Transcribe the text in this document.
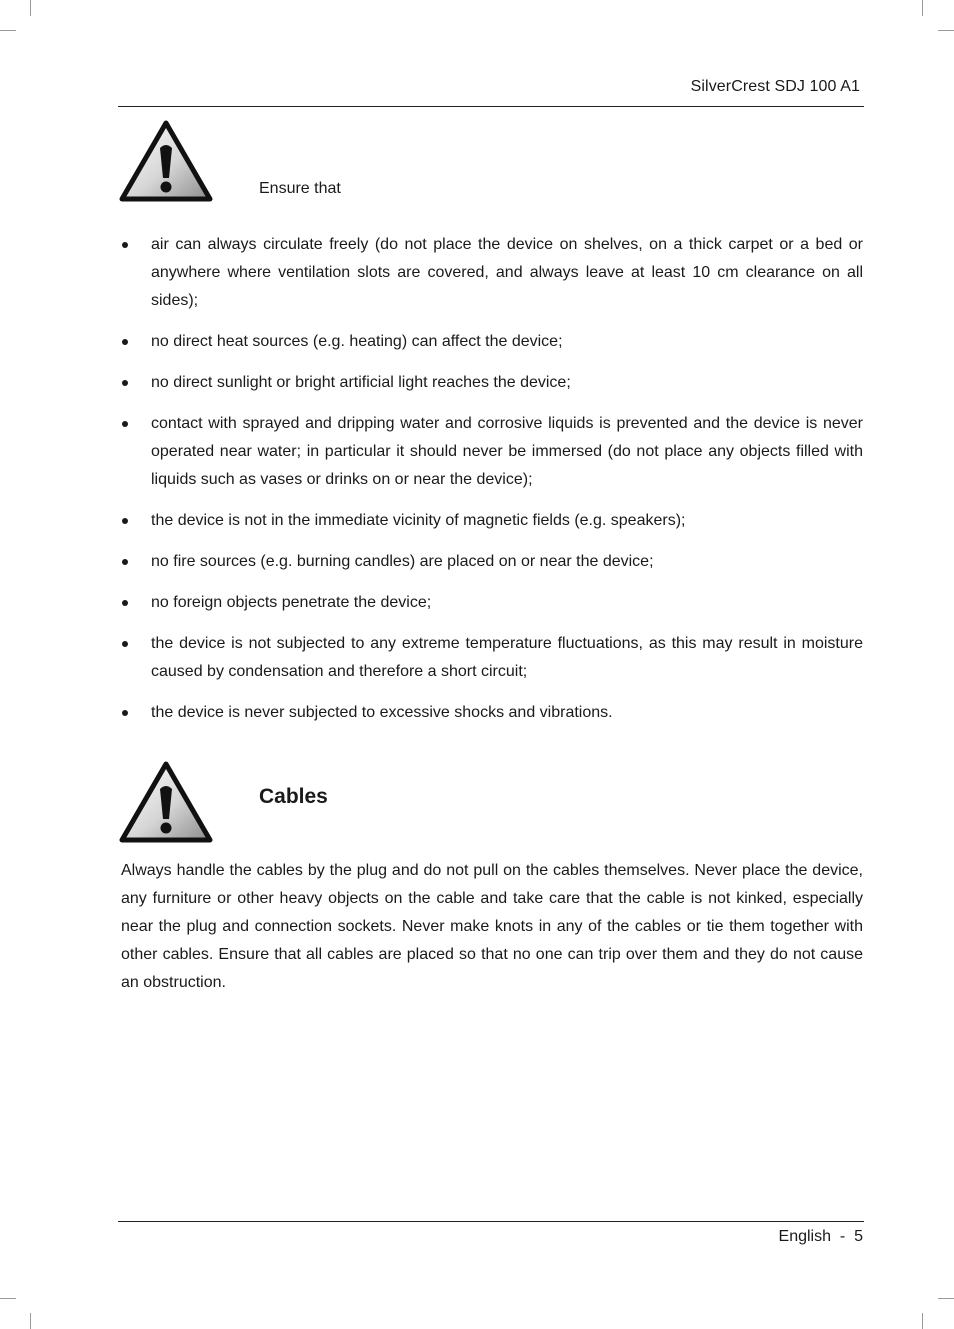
SilverCrest SDJ 100 A1
Ensure that
air can always circulate freely (do not place the device on shelves, on a thick carpet or a bed or anywhere where ventilation slots are covered, and always leave at least 10 cm clearance on all sides);
no direct heat sources (e.g. heating) can affect the device;
no direct sunlight or bright artificial light reaches the device;
contact with sprayed and dripping water and corrosive liquids is prevented and the device is never operated near water; in particular it should never be immersed (do not place any objects filled with liquids such as vases or drinks on or near the device);
the device is not in the immediate vicinity of magnetic fields (e.g. speakers);
no fire sources (e.g. burning candles) are placed on or near the device;
no foreign objects penetrate the device;
the device is not subjected to any extreme temperature fluctuations, as this may result in moisture caused by condensation and therefore a short circuit;
the device is never subjected to excessive shocks and vibrations.
Cables

Always handle the cables by the plug and do not pull on the cables themselves. Never place the device, any furniture or other heavy objects on the cable and take care that the cable is not kinked, especially near the plug and connection sockets. Never make knots in any of the cables or tie them together with other cables. Ensure that all cables are placed so that no one can trip over them and they do not cause an obstruction.

English  -  5
